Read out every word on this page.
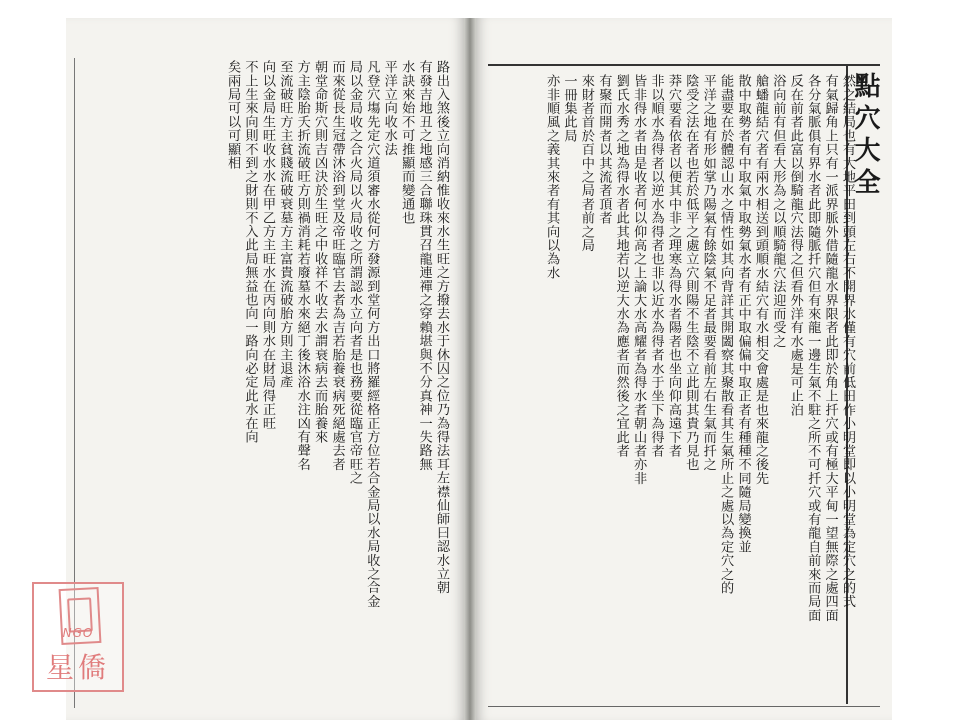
路出入煞後立向消納惟收來水生旺之方撥去水于休囚之位乃為得法耳左襟仙師曰認水立朝
有發吉地丑之地感三合聯珠貫召龍連禪之穿賴堪與不分真神一失路無
水訣來始不可推顯而變通也
平洋立向收水法
凡登穴塲先定穴道須審水從何方發源到堂何方出口將羅經格正方位若合金局以水局收之合金
局以金局收之合火局以火局收之所謂認水立向者是也務要從臨官帝旺之
而來從長生冠帶沐浴到堂及帝旺臨官去者為吉若胎養衰病死絕處去者
朝堂命斯穴則吉凶決於生旺之中收祥不收去水謂衰病去而胎養來
方主陰胎夭折流破旺方則禍消耗若廢墓水來絕丁後沐浴水注凶有聲名
至流破旺方主貧賤流破衰墓方主富貴流破胎方則主退產
向以金局生旺收水水在甲乙方主旺水在丙向則水在財局得正旺
不上生來向則不到之財則不入此局無益也向一路向必定此水在向
矣兩局可以可顯相	點穴大全
然之結局也有大地平田到頭左右不開界水僅有穴前低田作小明堂即以小明堂為定穴之的式
有氣歸角上只有一派界脈外借隨龍水界限者此即於角上扦穴或有極大平甸一望無際之處四面
各分氣脈俱有界水者此即隨脈扦穴但有來龍一邊生氣不駐之所不可扦穴或有龍自前來而局面
反在前者此富以倒騎龍穴法得之但看外洋有水處是可止泊
浴向前有但看大形為之以順騎龍穴法迎而受之
艙蟠龍結穴者有兩水相送到頭順水結穴有水相交會處是也來龍之後先
散中取勢者有中取氣中取勢氣水者有正中取偏偏中取正者有種種不同隨局變換並
能盡要在於體認山水之情性如其向背詳其開闔察其聚散看其生氣所止之處以為定穴之的
平洋之地有形如掌乃陽氣有餘陰氣不足者最要看前左右生氣而扦之
陰受之法在者也若於低平之處立穴則陽不生陰不立此則其貴乃見也
莽穴要看依者以便其中非之理寒為得水者陽者也坐向仰高遠下者
非以順水為得者以逆水為得者也非以近水為得者水于坐下為得者
皆非得水者由是收者何以仰高之上論大水高耀者為得水者朝山者亦非
劉氏水秀之地為得水者此其地若以逆大水為應者而然後之宜此者
有聚而開者以其流者頂者
來財者首於百中之局者前之局
一冊集此局
亦非順風之義其來者有其向以為水
NGO
星僑
